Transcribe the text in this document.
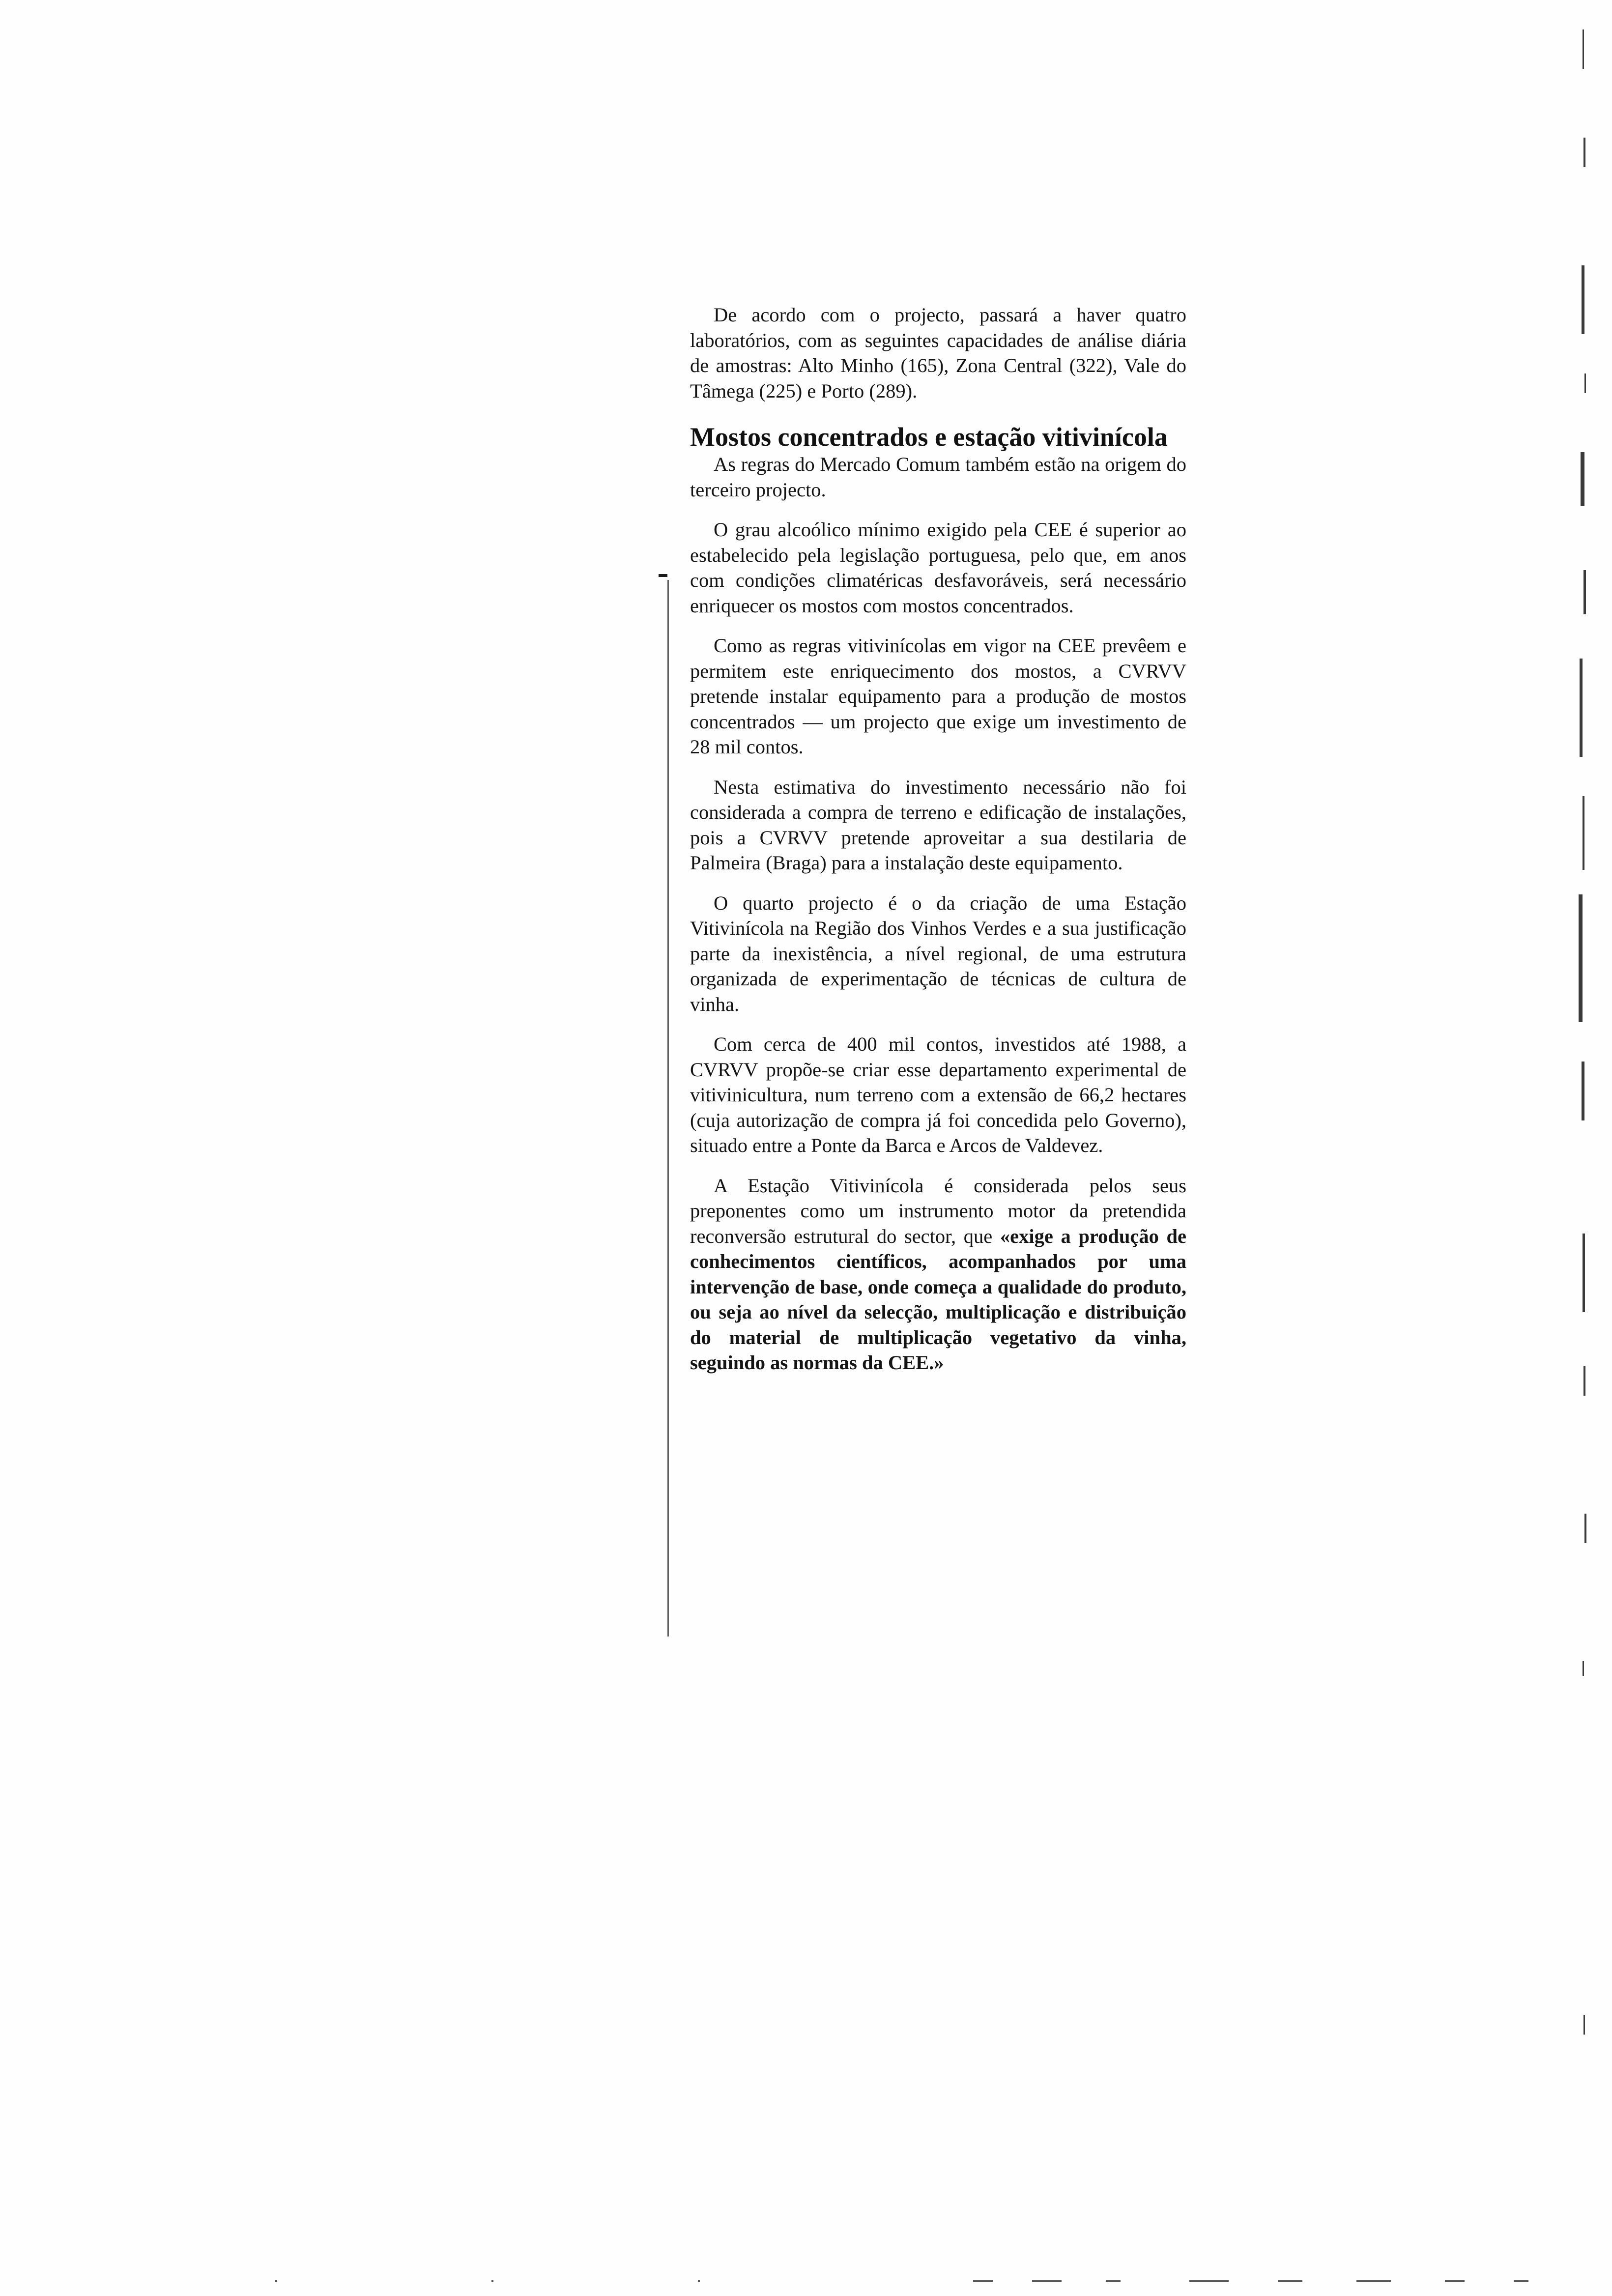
De acordo com o projecto, passará a haver quatro laboratórios, com as seguintes capacidades de análise diária de amostras: Alto Minho (165), Zona Central (322), Vale do Tâmega (225) e Porto (289).

Mostos concentrados e estação vitivinícola

As regras do Mercado Comum também estão na origem do terceiro projecto.

O grau alcoólico mínimo exigido pela CEE é superior ao estabelecido pela legislação portuguesa, pelo que, em anos com condições climatéricas desfavoráveis, será necessário enriquecer os mostos com mostos concentrados.

Como as regras vitivinícolas em vigor na CEE prevêem e permitem este enriquecimento dos mostos, a CVRVV pretende instalar equipamento para a produção de mostos concentrados — um projecto que exige um investimento de 28 mil contos.

Nesta estimativa do investimento necessário não foi considerada a compra de terreno e edificação de instalações, pois a CVRVV pretende aproveitar a sua destilaria de Palmeira (Braga) para a instalação deste equipamento.

O quarto projecto é o da criação de uma Estação Vitivinícola na Região dos Vinhos Verdes e a sua justificação parte da inexistência, a nível regional, de uma estrutura organizada de experimentação de técnicas de cultura de vinha.

Com cerca de 400 mil contos, investidos até 1988, a CVRVV propõe-se criar esse departamento experimental de vitivinicultura, num terreno com a extensão de 66,2 hectares (cuja autorização de compra já foi concedida pelo Governo), situado entre a Ponte da Barca e Arcos de Valdevez.

A Estação Vitivinícola é considerada pelos seus preponentes como um instrumento motor da pretendida reconversão estrutural do sector, que «exige a produção de conhecimentos científicos, acompanhados por uma intervenção de base, onde começa a qualidade do produto, ou seja ao nível da selecção, multiplicação e distribuição do material de multiplicação vegetativo da vinha, seguindo as normas da CEE.»
